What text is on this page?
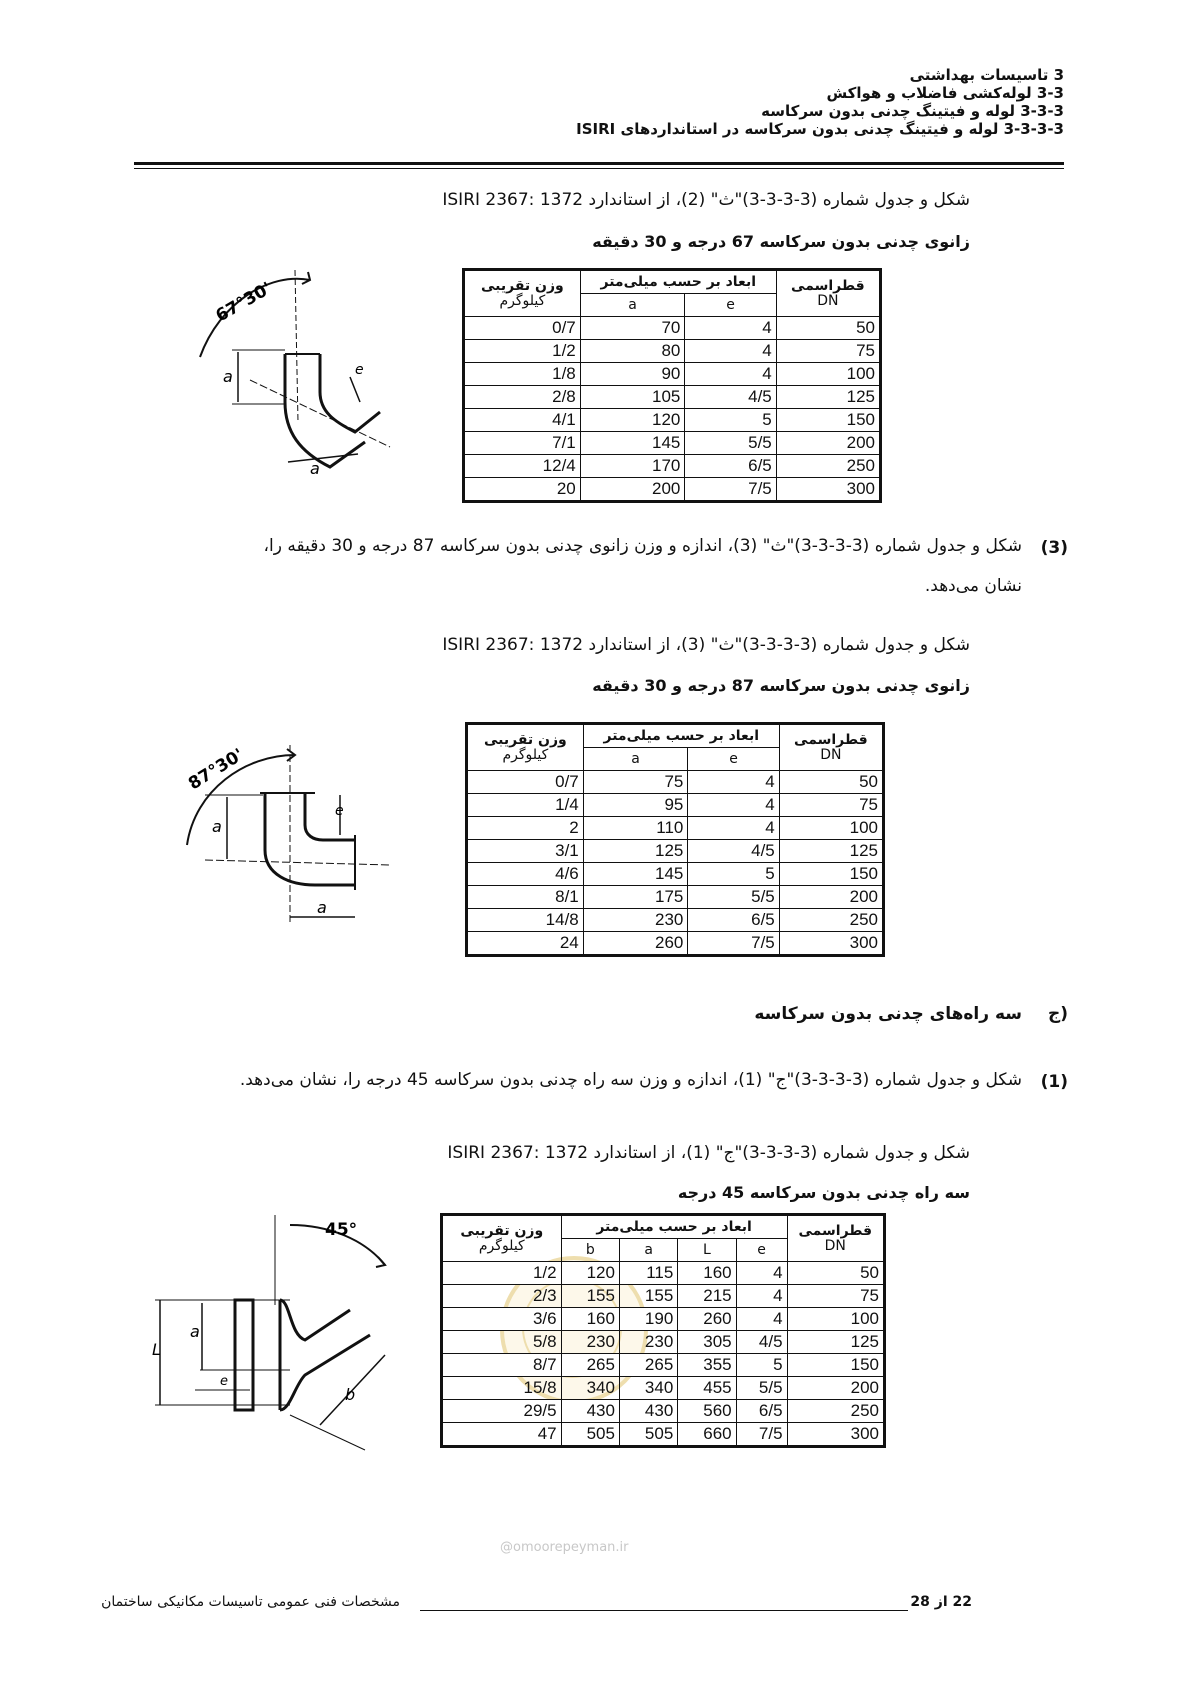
3 تاسیسات بهداشتی
3-3 لوله‌کشی فاضلاب و هواکش
3-3-3 لوله و فیتینگ چدنی بدون سرکاسه
3-3-3-3 لوله و فیتینگ چدنی بدون سرکاسه در استانداردهای ISIRI
شکل و جدول شماره (3-3-3-3)"ث" (2)، از استاندارد ISIRI 2367: 1372
زانوی چدنی بدون سرکاسه 67 درجه و 30 دقیقه
67°30'
a
a
e
قطراسمی
DN	ابعاد بر حسب میلی‌متر		وزن تقریبی
کیلوگرم

	e	a	
50	4	70	0/7
75	4	80	1/2
100	4	90	1/8
125	4/5	105	2/8
150	5	120	4/1
200	5/5	145	7/1
250	6/5	170	12/4
300	7/5	200	20
(3)
شکل و جدول شماره (3-3-3-3)"ث" (3)، اندازه و وزن زانوی چدنی بدون سرکاسه 87 درجه و 30 دقیقه را، نشان می‌دهد.
شکل و جدول شماره (3-3-3-3)"ث" (3)، از استاندارد ISIRI 2367: 1372
زانوی چدنی بدون سرکاسه 87 درجه و 30 دقیقه
87°30'
a
a
e
قطراسمی
DN	ابعاد بر حسب میلی‌متر		وزن تقریبی
کیلوگرم

	e	a	
50	4	75	0/7
75	4	95	1/4
100	4	110	2
125	4/5	125	3/1
150	5	145	4/6
200	5/5	175	8/1
250	6/5	230	14/8
300	7/5	260	24
ج)
سه راه‌های چدنی بدون سرکاسه
(1)
شکل و جدول شماره (3-3-3-3)"ج" (1)، اندازه و وزن سه راه چدنی بدون سرکاسه 45 درجه را، نشان می‌دهد.
شکل و جدول شماره (3-3-3-3)"ج" (1)، از استاندارد ISIRI 2367: 1372
سه راه چدنی بدون سرکاسه 45 درجه
45°
L
a
b
e
قطراسمی
DN	ابعاد بر حسب میلی‌متر				وزن تقریبی
کیلوگرم

	e	L	a	b	
50	4	160	115	120	1/2
75	4	215	155	155	2/3
100	4	260	190	160	3/6
125	4/5	305	230	230	5/8
150	5	355	265	265	8/7
200	5/5	455	340	340	15/8
250	6/5	560	430	430	29/5
300	7/5	660	505	505	47
@omoorepeyman.ir
مشخصات فنی عمومی تاسیسات مکانیکی ساختمان	22 از 28
